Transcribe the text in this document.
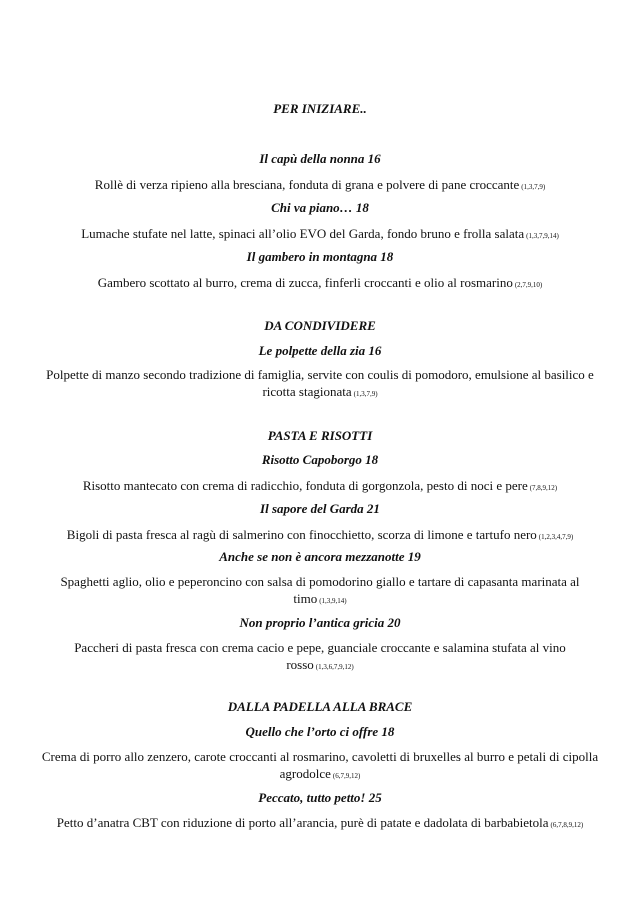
PER INIZIARE..
Il capù della nonna 16
Rollè di verza ripieno alla bresciana, fonduta di grana e polvere di pane croccante (1,3,7,9)
Chi va piano… 18
Lumache stufate nel latte, spinaci all’olio EVO del Garda, fondo bruno e frolla salata (1,3,7,9,14)
Il gambero in montagna 18
Gambero scottato al burro, crema di zucca, finferli croccanti e olio al rosmarino (2,7,9,10)
DA CONDIVIDERE
Le polpette della zia 16
Polpette di manzo secondo tradizione di famiglia, servite con coulis di pomodoro, emulsione al basilico e ricotta stagionata (1,3,7,9)
PASTA E RISOTTI
Risotto Capoborgo 18
Risotto mantecato con crema di radicchio, fonduta di gorgonzola, pesto di noci e pere (7,8,9,12)
Il sapore del Garda 21
Bigoli di pasta fresca al ragù di salmerino con finocchietto, scorza di limone e tartufo nero (1,2,3,4,7,9)
Anche se non è ancora mezzanotte 19
Spaghetti aglio, olio e peperoncino con salsa di pomodorino giallo e tartare di capasanta marinata al timo (1,3,9,14)
Non proprio l’antica gricia 20
Paccheri di pasta fresca con crema cacio e pepe, guanciale croccante e salamina stufata al vino rosso (1,3,6,7,9,12)
DALLA PADELLA ALLA BRACE
Quello che l’orto ci offre 18
Crema di porro allo zenzero, carote croccanti al rosmarino, cavoletti di bruxelles al burro e petali di cipolla agrodolce (6,7,9,12)
Peccato, tutto petto! 25
Petto d’anatra CBT con riduzione di porto all’arancia, purè di patate e dadolata di barbabietola (6,7,8,9,12)
